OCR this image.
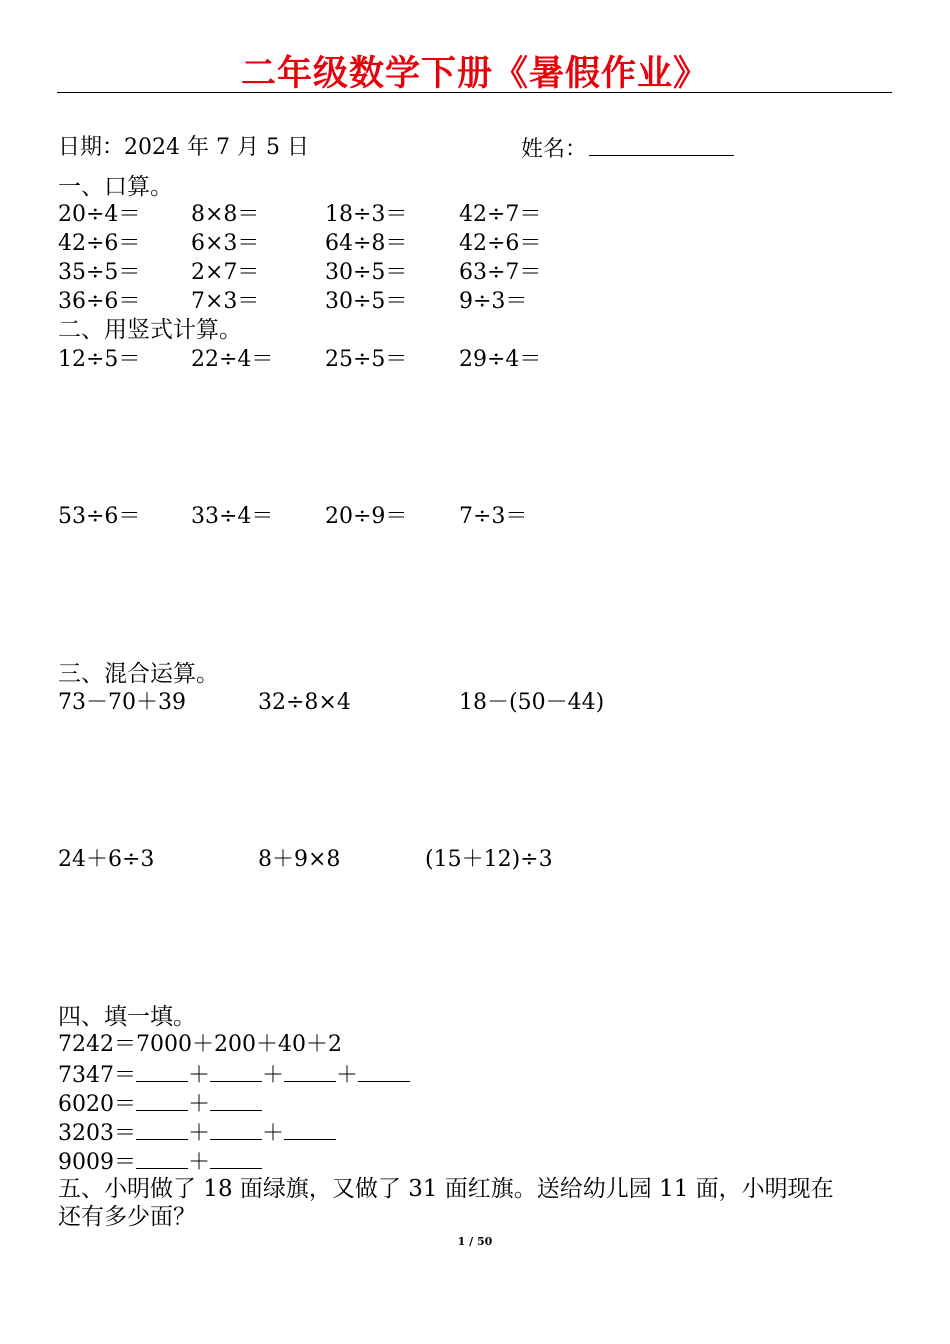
二年级数学下册《暑假作业》
日期：2024 年 7 月 5 日	姓名：
一、口算。
20÷4＝ 8×8＝	18÷3＝ 42÷7＝
42÷6＝ 6×3＝	64÷8＝ 42÷6＝
35÷5＝ 2×7＝	30÷5＝ 63÷7＝
36÷6＝ 7×3＝	30÷5＝ 9÷3＝
二、用竖式计算。
12÷5＝ 22÷4＝ 25÷5＝ 29÷4＝
53÷6＝ 33÷4＝ 20÷9＝ 7÷3＝
三、混合运算。
73－70＋39	32÷8×4	18－(50－44)
24＋6÷3	8＋9×8	(15＋12)÷3
四、填一填。
7242＝7000＋200＋40＋2
7347＝ ＋ ＋ ＋
6020＝ ＋
3203＝ ＋ ＋
9009＝ ＋
五、小明做了 18 面绿旗，又做了 31 面红旗。送给幼儿园 11 面，小明现在
还有多少面？
1 / 50
